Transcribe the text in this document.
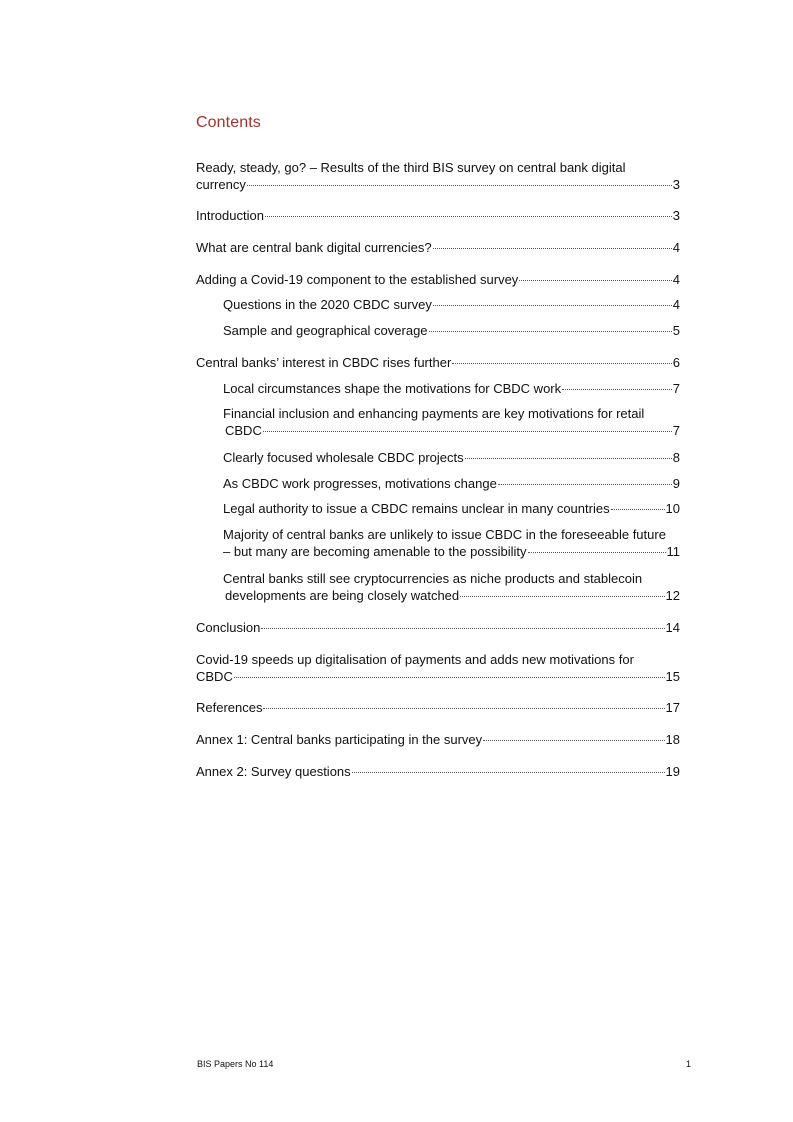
Contents
Ready, steady, go? – Results of the third BIS survey on central bank digital
currency	3
Introduction	3
What are central bank digital currencies?	4
Adding a Covid-19 component to the established survey	4
Questions in the 2020 CBDC survey	4
Sample and geographical coverage	5
Central banks’ interest in CBDC rises further	6
Local circumstances shape the motivations for CBDC work	7
Financial inclusion and enhancing payments are key motivations for retail
CBDC	7
Clearly focused wholesale CBDC projects	8
As CBDC work progresses, motivations change	9
Legal authority to issue a CBDC remains unclear in many countries	10
Majority of central banks are unlikely to issue CBDC in the foreseeable future
– but many are becoming amenable to the possibility	11
Central banks still see cryptocurrencies as niche products and stablecoin
developments are being closely watched	12
Conclusion	14
Covid-19 speeds up digitalisation of payments and adds new motivations for
CBDC	15
References	17
Annex 1: Central banks participating in the survey	18
Annex 2: Survey questions	19
BIS Papers No 114	1
